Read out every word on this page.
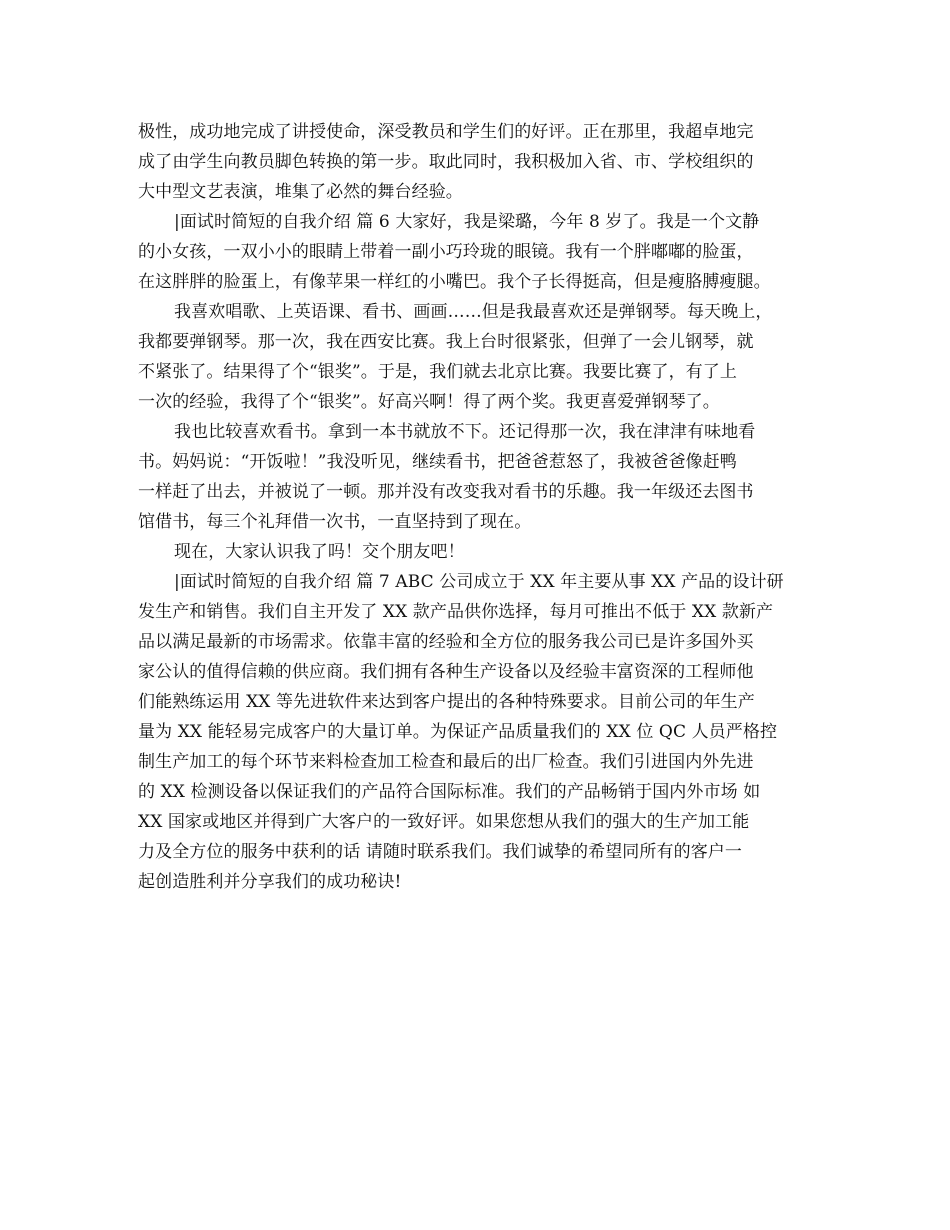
极性，成功地完成了讲授使命，深受教员和学生们的好评。正在那里，我超卓地完
成了由学生向教员脚色转换的第一步。取此同时，我积极加入省、市、学校组织的
大中型文艺表演，堆集了必然的舞台经验。
|面试时简短的自我介绍 篇 6 大家好，我是梁璐，今年 8 岁了。我是一个文静
的小女孩，一双小小的眼睛上带着一副小巧玲珑的眼镜。我有一个胖嘟嘟的脸蛋，
在这胖胖的脸蛋上，有像苹果一样红的小嘴巴。我个子长得挺高，但是瘦胳膊瘦腿。
我喜欢唱歌、上英语课、看书、画画……但是我最喜欢还是弹钢琴。每天晚上，
我都要弹钢琴。那一次，我在西安比赛。我上台时很紧张，但弹了一会儿钢琴，就
不紧张了。结果得了个“银奖”。于是，我们就去北京比赛。我要比赛了，有了上
一次的经验，我得了个“银奖”。好高兴啊！得了两个奖。我更喜爱弹钢琴了。
我也比较喜欢看书。拿到一本书就放不下。还记得那一次，我在津津有味地看
书。妈妈说：“开饭啦！”我没听见，继续看书，把爸爸惹怒了，我被爸爸像赶鸭
一样赶了出去，并被说了一顿。那并没有改变我对看书的乐趣。我一年级还去图书
馆借书，每三个礼拜借一次书，一直坚持到了现在。
现在，大家认识我了吗！交个朋友吧！
|面试时简短的自我介绍 篇 7 ABC 公司成立于 XX 年主要从事 XX 产品的设计研
发生产和销售。我们自主开发了 XX 款产品供你选择，每月可推出不低于 XX 款新产
品以满足最新的市场需求。依靠丰富的经验和全方位的服务我公司已是许多国外买
家公认的值得信赖的供应商。我们拥有各种生产设备以及经验丰富资深的工程师他
们能熟练运用 XX 等先进软件来达到客户提出的各种特殊要求。目前公司的年生产
量为 XX 能轻易完成客户的大量订单。为保证产品质量我们的 XX 位 QC 人员严格控
制生产加工的每个环节来料检查加工检查和最后的出厂检查。我们引进国内外先进
的 XX 检测设备以保证我们的产品符合国际标准。我们的产品畅销于国内外市场 如
XX 国家或地区并得到广大客户的一致好评。如果您想从我们的强大的生产加工能
力及全方位的服务中获利的话 请随时联系我们。我们诚挚的希望同所有的客户一
起创造胜利并分享我们的成功秘诀!
